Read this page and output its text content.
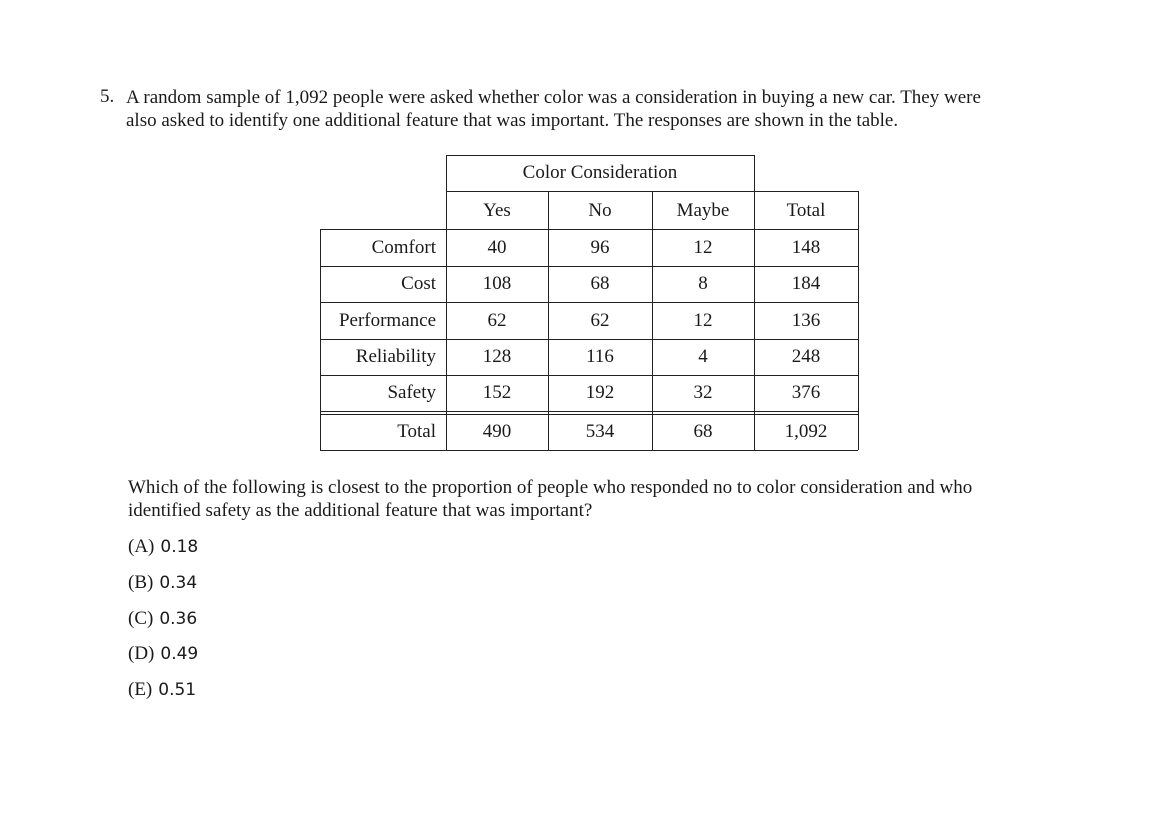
5. A random sample of 1,092 people were asked whether color was a consideration in buying a new car. They were
also asked to identify one additional feature that was important. The responses are shown in the table.
Color Consideration
Yes	No	Maybe	Total
Comfort	40	96	12	148
Cost	108	68	8	184
Performance	62	62	12	136
Reliability	128	116	4	248
Safety	152	192	32	376
Total	490	534	68	1,092
Which of the following is closest to the proportion of people who responded no to color consideration and who
identified safety as the additional feature that was important?
(A) 0.18
(B) 0.34
(C) 0.36
(D) 0.49
(E) 0.51
